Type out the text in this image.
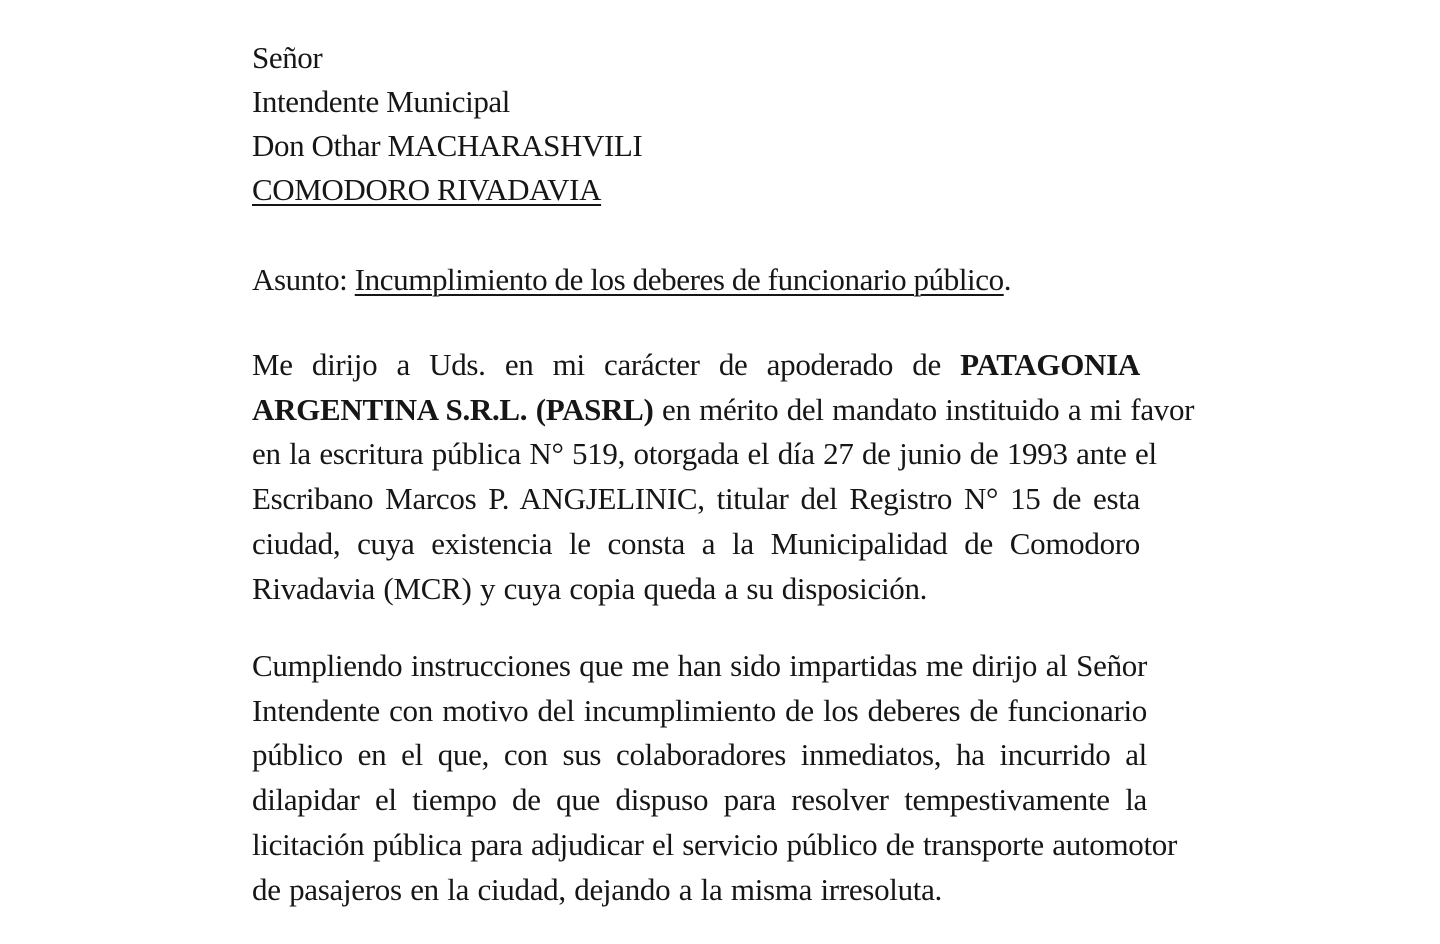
Señor
Intendente Municipal
Don Othar MACHARASHVILI
COMODORO RIVADAVIA
Asunto: Incumplimiento de los deberes de funcionario público.
Me dirijo a Uds. en mi carácter de apoderado de PATAGONIA
ARGENTINA S.R.L. (PASRL) en mérito del mandato instituido a mi favor
en la escritura pública N° 519, otorgada el día 27 de junio de 1993 ante el
Escribano Marcos P. ANGJELINIC, titular del Registro N° 15 de esta
ciudad, cuya existencia le consta a la Municipalidad de Comodoro
Rivadavia (MCR) y cuya copia queda a su disposición.
Cumpliendo instrucciones que me han sido impartidas me dirijo al Señor
Intendente con motivo del incumplimiento de los deberes de funcionario
público en el que, con sus colaboradores inmediatos, ha incurrido al
dilapidar el tiempo de que dispuso para resolver tempestivamente la
licitación pública para adjudicar el servicio público de transporte automotor
de pasajeros en la ciudad, dejando a la misma irresoluta.
